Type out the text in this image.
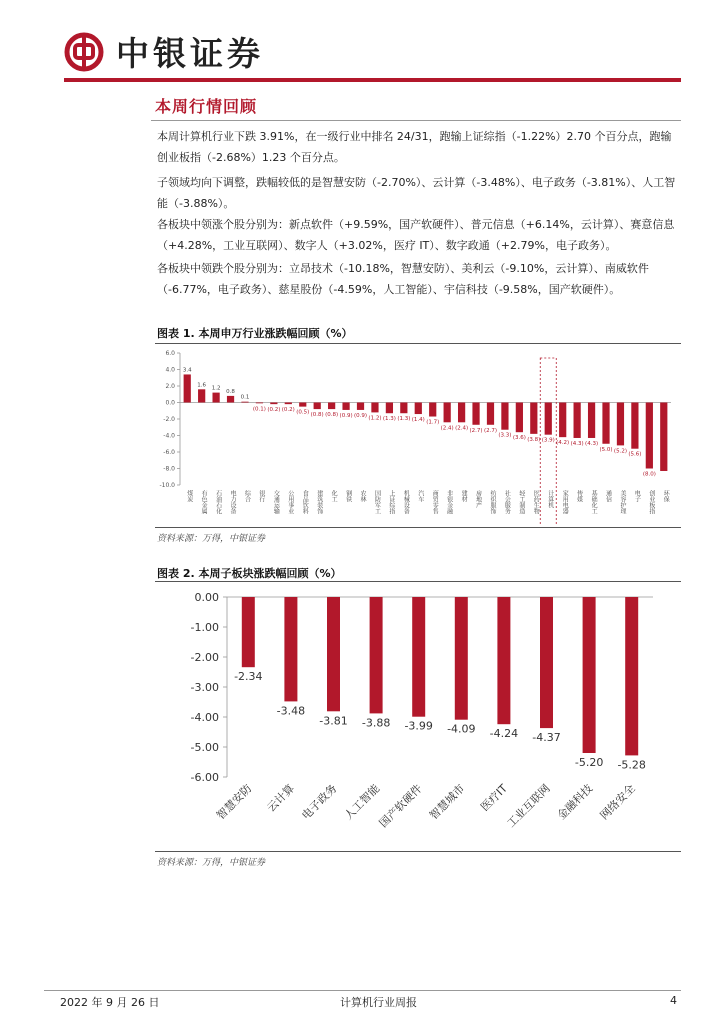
中银证券
本周行情回顾
本周计算机行业下跌 3.91%，在一级行业中排名 24/31，跑输上证综指（-1.22%）2.70 个百分点，跑输创业板指（-2.68%）1.23 个百分点。
子领域均向下调整，跌幅较低的是智慧安防（-2.70%）、云计算（-3.48%）、电子政务（-3.81%）、人工智能（-3.88%）。
各板块中领涨个股分别为：新点软件（+9.59%，国产软硬件）、普元信息（+6.14%，云计算）、赛意信息（+4.28%，工业互联网）、数字人（+3.02%，医疗 IT）、数字政通（+2.79%，电子政务）。
各板块中领跌个股分别为：立昂技术（-10.18%，智慧安防）、美利云（-9.10%，云计算）、南威软件（-6.77%，电子政务）、慈星股份（-4.59%，人工智能）、宇信科技（-9.58%，国产软硬件）。
图表 1. 本周申万行业涨跌幅回顾（%）
6.0
4.0
2.0
0.0
-2.0
-4.0
-6.0
-8.0
-10.0
3.4
煤炭
1.6
有色金属
1.2
石油石化
0.8
电力设备
0.1
综合
(0.1)
银行
(0.2)
交通运输
(0.2)
公用事业
(0.5)
食品饮料
(0.8)
建筑装饰
(0.8)
化工
(0.9)
钢铁
(0.9)
农林
(1.2)
国防军工
(1.3)
上证综指
(1.3)
机械设备
(1.4)
汽车
(1.7)
商贸零售
(2.4)
非银金融
(2.4)
建材
(2.7)
房地产
(2.7)
纺织服饰
(3.3)
社会服务
(3.6)
轻工制造
(3.8)
医药生物
(3.9)
计算机
(4.2)
家用电器
(4.3)
传媒
(4.3)
基础化工
(5.0)
通信
(5.2)
美容护理
(5.6)
电子
(8.0)
创业板指 环保
资料来源：万得，中银证券
图表 2. 本周子板块涨跌幅回顾（%）
0.00
-1.00
-2.00
-3.00
-4.00
-5.00
-6.00
-2.34
智慧安防
-3.48
云计算
-3.81
电子政务
-3.88
人工智能
-3.99
国产软硬件
-4.09
智慧城市
-4.24
医疗IT
-4.37
工业互联网
-5.20
金融科技
-5.28
网络安全
资料来源：万得，中银证券
2022 年 9 月 26 日	计算机行业周报	4
